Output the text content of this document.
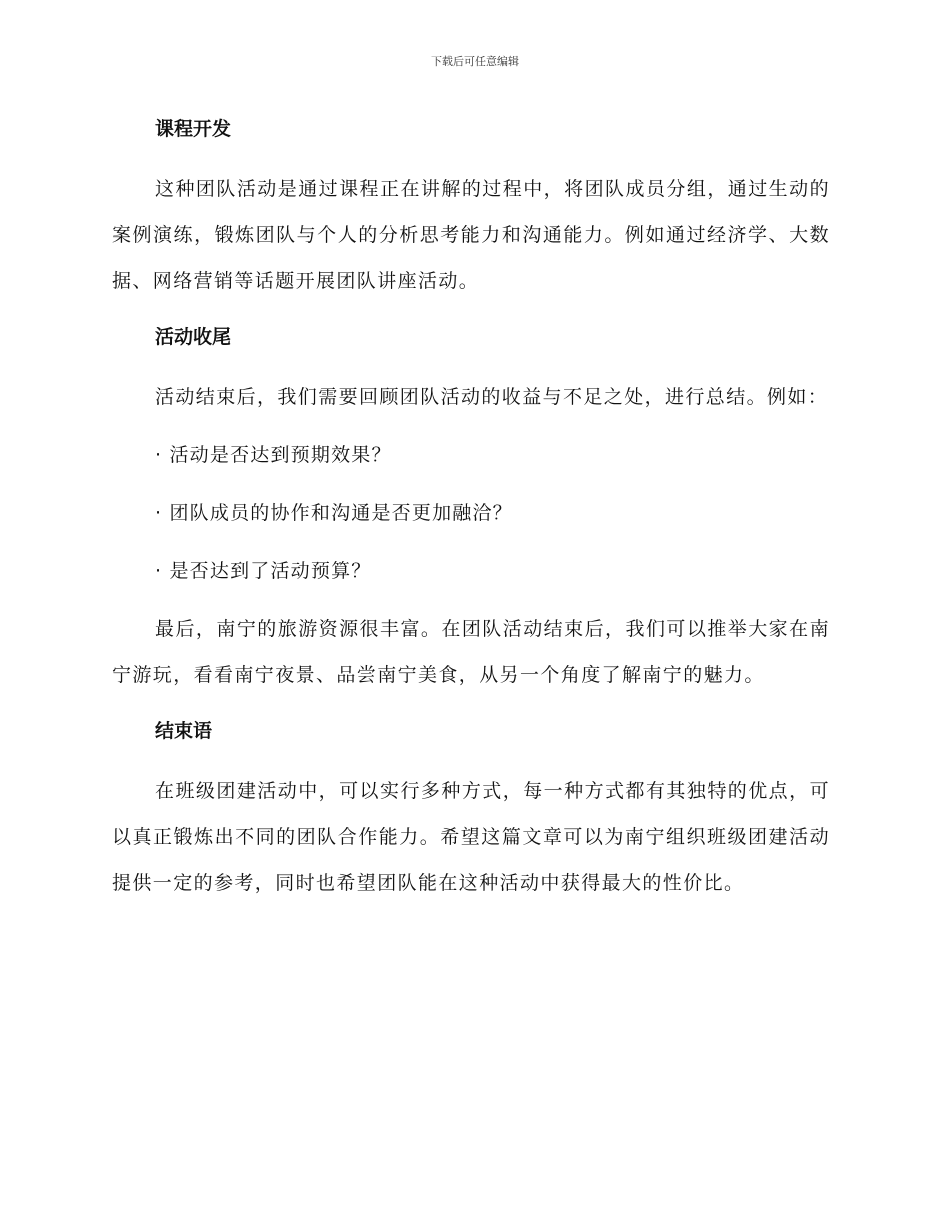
下载后可任意编辑
课程开发

这种团队活动是通过课程正在讲解的过程中，将团队成员分组，通过生动的案例演练，锻炼团队与个人的分析思考能力和沟通能力。例如通过经济学、大数据、网络营销等话题开展团队讲座活动。

活动收尾

活动结束后，我们需要回顾团队活动的收益与不足之处，进行总结。例如：

· 活动是否达到预期效果？

· 团队成员的协作和沟通是否更加融洽？

· 是否达到了活动预算？

最后，南宁的旅游资源很丰富。在团队活动结束后，我们可以推举大家在南宁游玩，看看南宁夜景、品尝南宁美食，从另一个角度了解南宁的魅力。

结束语

在班级团建活动中，可以实行多种方式，每一种方式都有其独特的优点，可以真正锻炼出不同的团队合作能力。希望这篇文章可以为南宁组织班级团建活动提供一定的参考，同时也希望团队能在这种活动中获得最大的性价比。
